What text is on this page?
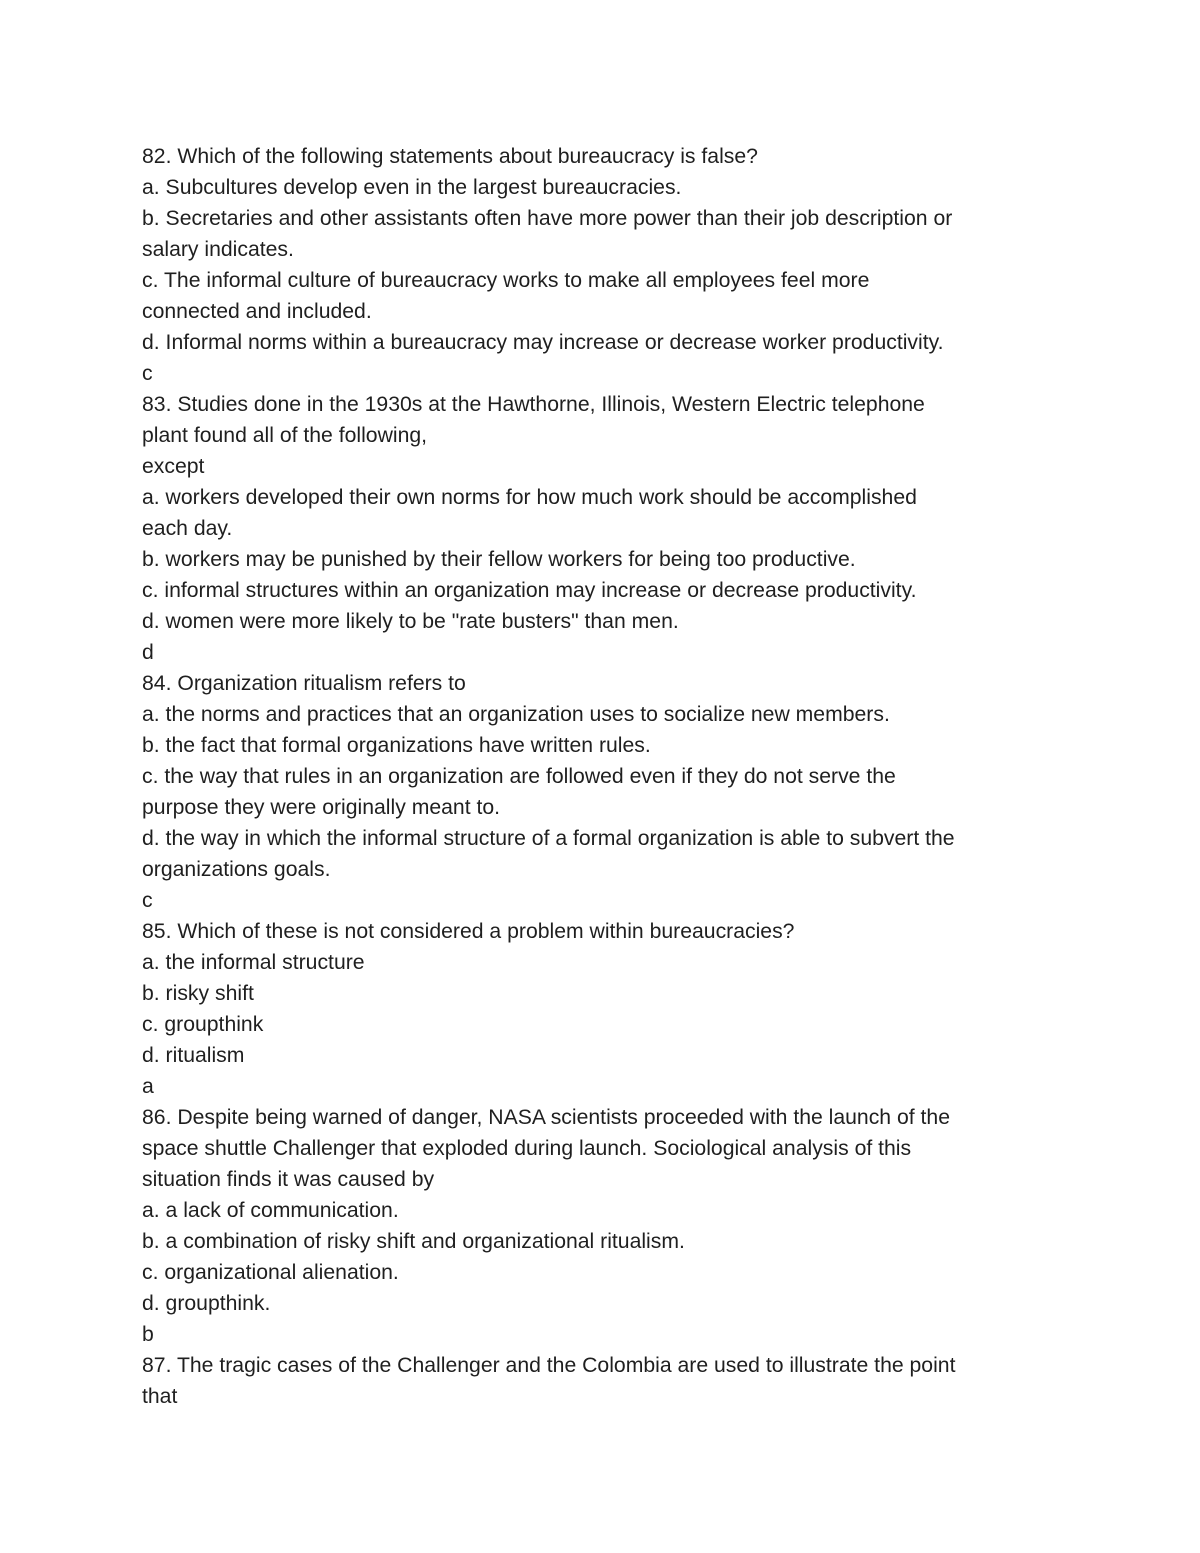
82. Which of the following statements about bureaucracy is false?
a. Subcultures develop even in the largest bureaucracies.
b. Secretaries and other assistants often have more power than their job description or
salary indicates.
c. The informal culture of bureaucracy works to make all employees feel more
connected and included.
d. Informal norms within a bureaucracy may increase or decrease worker productivity.
c
83. Studies done in the 1930s at the Hawthorne, Illinois, Western Electric telephone
plant found all of the following,
except
a. workers developed their own norms for how much work should be accomplished
each day.
b. workers may be punished by their fellow workers for being too productive.
c. informal structures within an organization may increase or decrease productivity.
d. women were more likely to be "rate busters" than men.
d
84. Organization ritualism refers to
a. the norms and practices that an organization uses to socialize new members.
b. the fact that formal organizations have written rules.
c. the way that rules in an organization are followed even if they do not serve the
purpose they were originally meant to.
d. the way in which the informal structure of a formal organization is able to subvert the
organizations goals.
c
85. Which of these is not considered a problem within bureaucracies?
a. the informal structure
b. risky shift
c. groupthink
d. ritualism
a
86. Despite being warned of danger, NASA scientists proceeded with the launch of the
space shuttle Challenger that exploded during launch. Sociological analysis of this
situation finds it was caused by
a. a lack of communication.
b. a combination of risky shift and organizational ritualism.
c. organizational alienation.
d. groupthink.
b
87. The tragic cases of the Challenger and the Colombia are used to illustrate the point
that
